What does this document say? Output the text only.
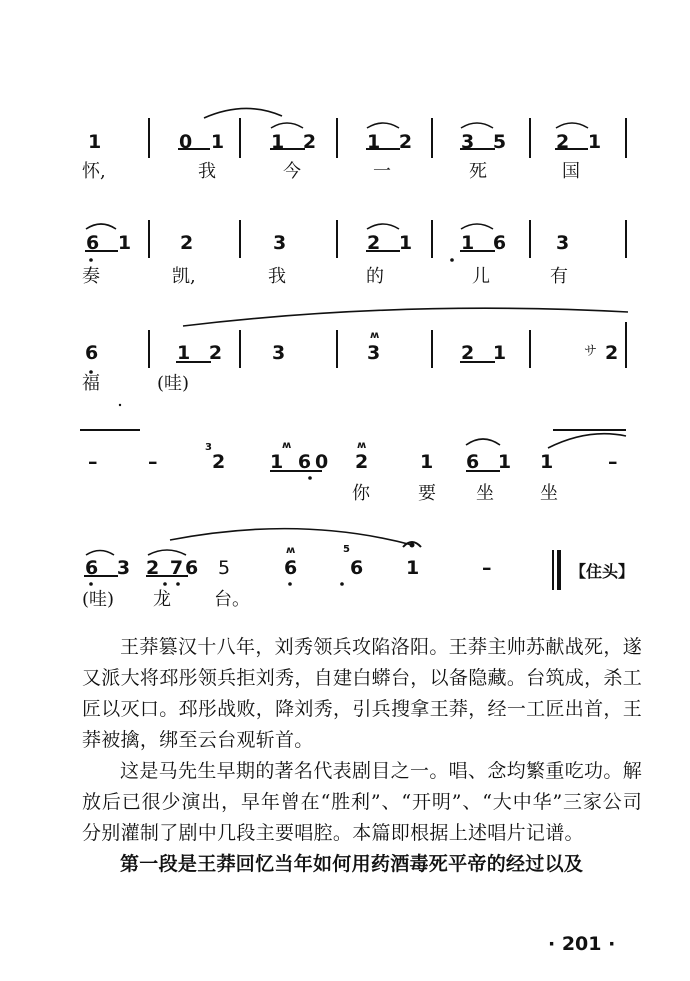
1	0 1 1 2 1 2 3 5 2 1
怀,	我	今	一	死	国
6 1 2	3	2 1 1 6 3
奏	凯,	我	的	儿	有
6	1 2 3
ʍ
3	2 1	サ 2
福	(哇)
–	–
3
2
ʍ
1 60
ʍ
2	1 6 1 1	–
你	要 坐	坐
6 3 2 76 5
ʍ
6
5
6 1	–	【住头】
(哇) 龙 台。

王莽篡汉十八年，刘秀领兵攻陷洛阳。王莽主帅苏献战死，遂又派大将邳彤领兵拒刘秀，自建白蟒台，以备隐藏。台筑成，杀工匠以灭口。邳彤战败，降刘秀，引兵搜拿王莽，经一工匠出首，王莽被擒，绑至云台观斩首。

这是马先生早期的著名代表剧目之一。唱、念均繁重吃功。解放后已很少演出，早年曾在“胜利”、“开明”、“大中华”三家公司分别灌制了剧中几段主要唱腔。本篇即根据上述唱片记谱。

第一段是王莽回忆当年如何用药酒毒死平帝的经过以及

· 201 ·
